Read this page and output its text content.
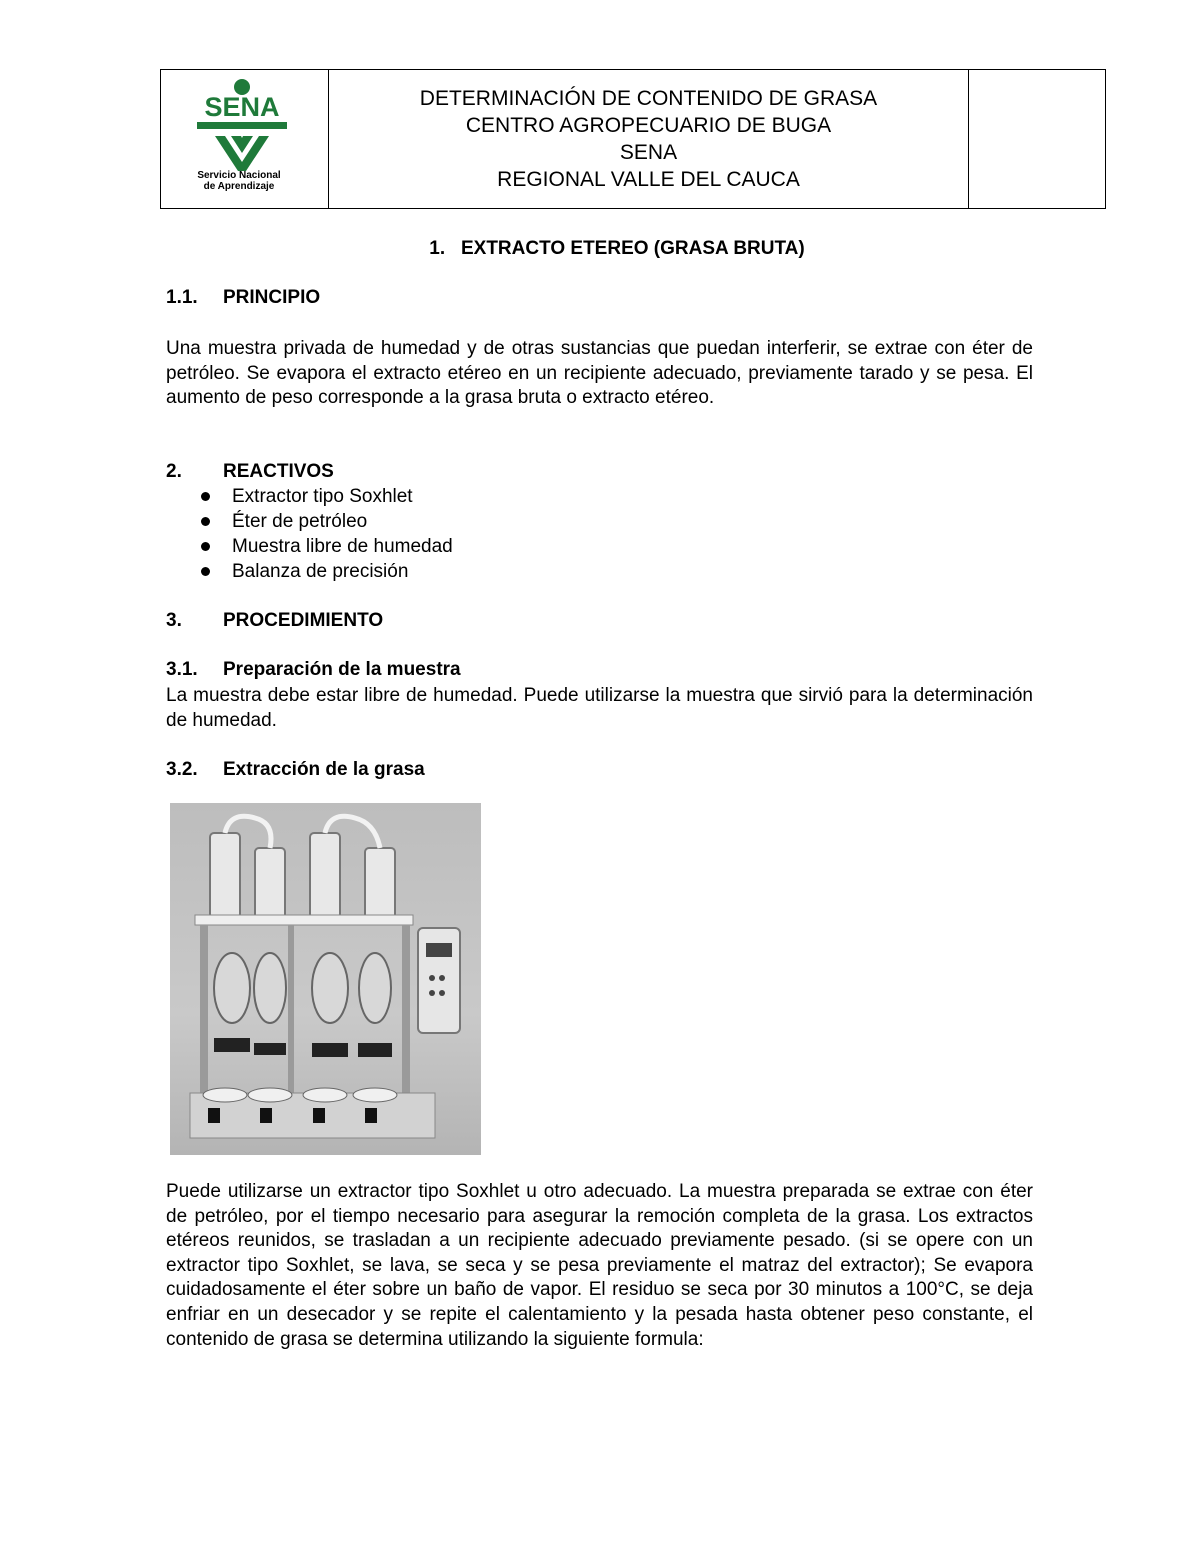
SENA
Servicio Nacional
de Aprendizaje
DETERMINACIÓN DE CONTENIDO DE GRASA
CENTRO AGROPECUARIO DE BUGA
SENA
REGIONAL VALLE DEL CAUCA
1. EXTRACTO ETEREO (GRASA BRUTA)
1.1. PRINCIPIO
Una muestra privada de humedad y de otras sustancias que puedan interferir, se extrae con éter de petróleo. Se evapora el extracto etéreo en un recipiente adecuado, previamente tarado y se pesa. El aumento de peso corresponde a la grasa bruta o extracto etéreo.
2. REACTIVOS
Extractor tipo Soxhlet
Éter de petróleo
Muestra libre de humedad
Balanza de precisión
3. PROCEDIMIENTO
3.1. Preparación de la muestra
La muestra debe estar libre de humedad. Puede utilizarse la muestra que sirvió para la determinación de humedad.
3.2. Extracción de la grasa
Puede utilizarse un extractor tipo Soxhlet u otro adecuado. La muestra preparada se extrae con éter de petróleo, por el tiempo necesario para asegurar la remoción completa de la grasa. Los extractos etéreos reunidos, se trasladan a un recipiente adecuado previamente pesado. (si se opere con un extractor tipo Soxhlet, se lava, se seca y se pesa previamente el matraz del extractor); Se evapora cuidadosamente el éter sobre un baño de vapor. El residuo se seca por 30 minutos a 100°C, se deja enfriar en un desecador y se repite el calentamiento y la pesada hasta obtener peso constante, el contenido de grasa se determina utilizando la siguiente formula:
